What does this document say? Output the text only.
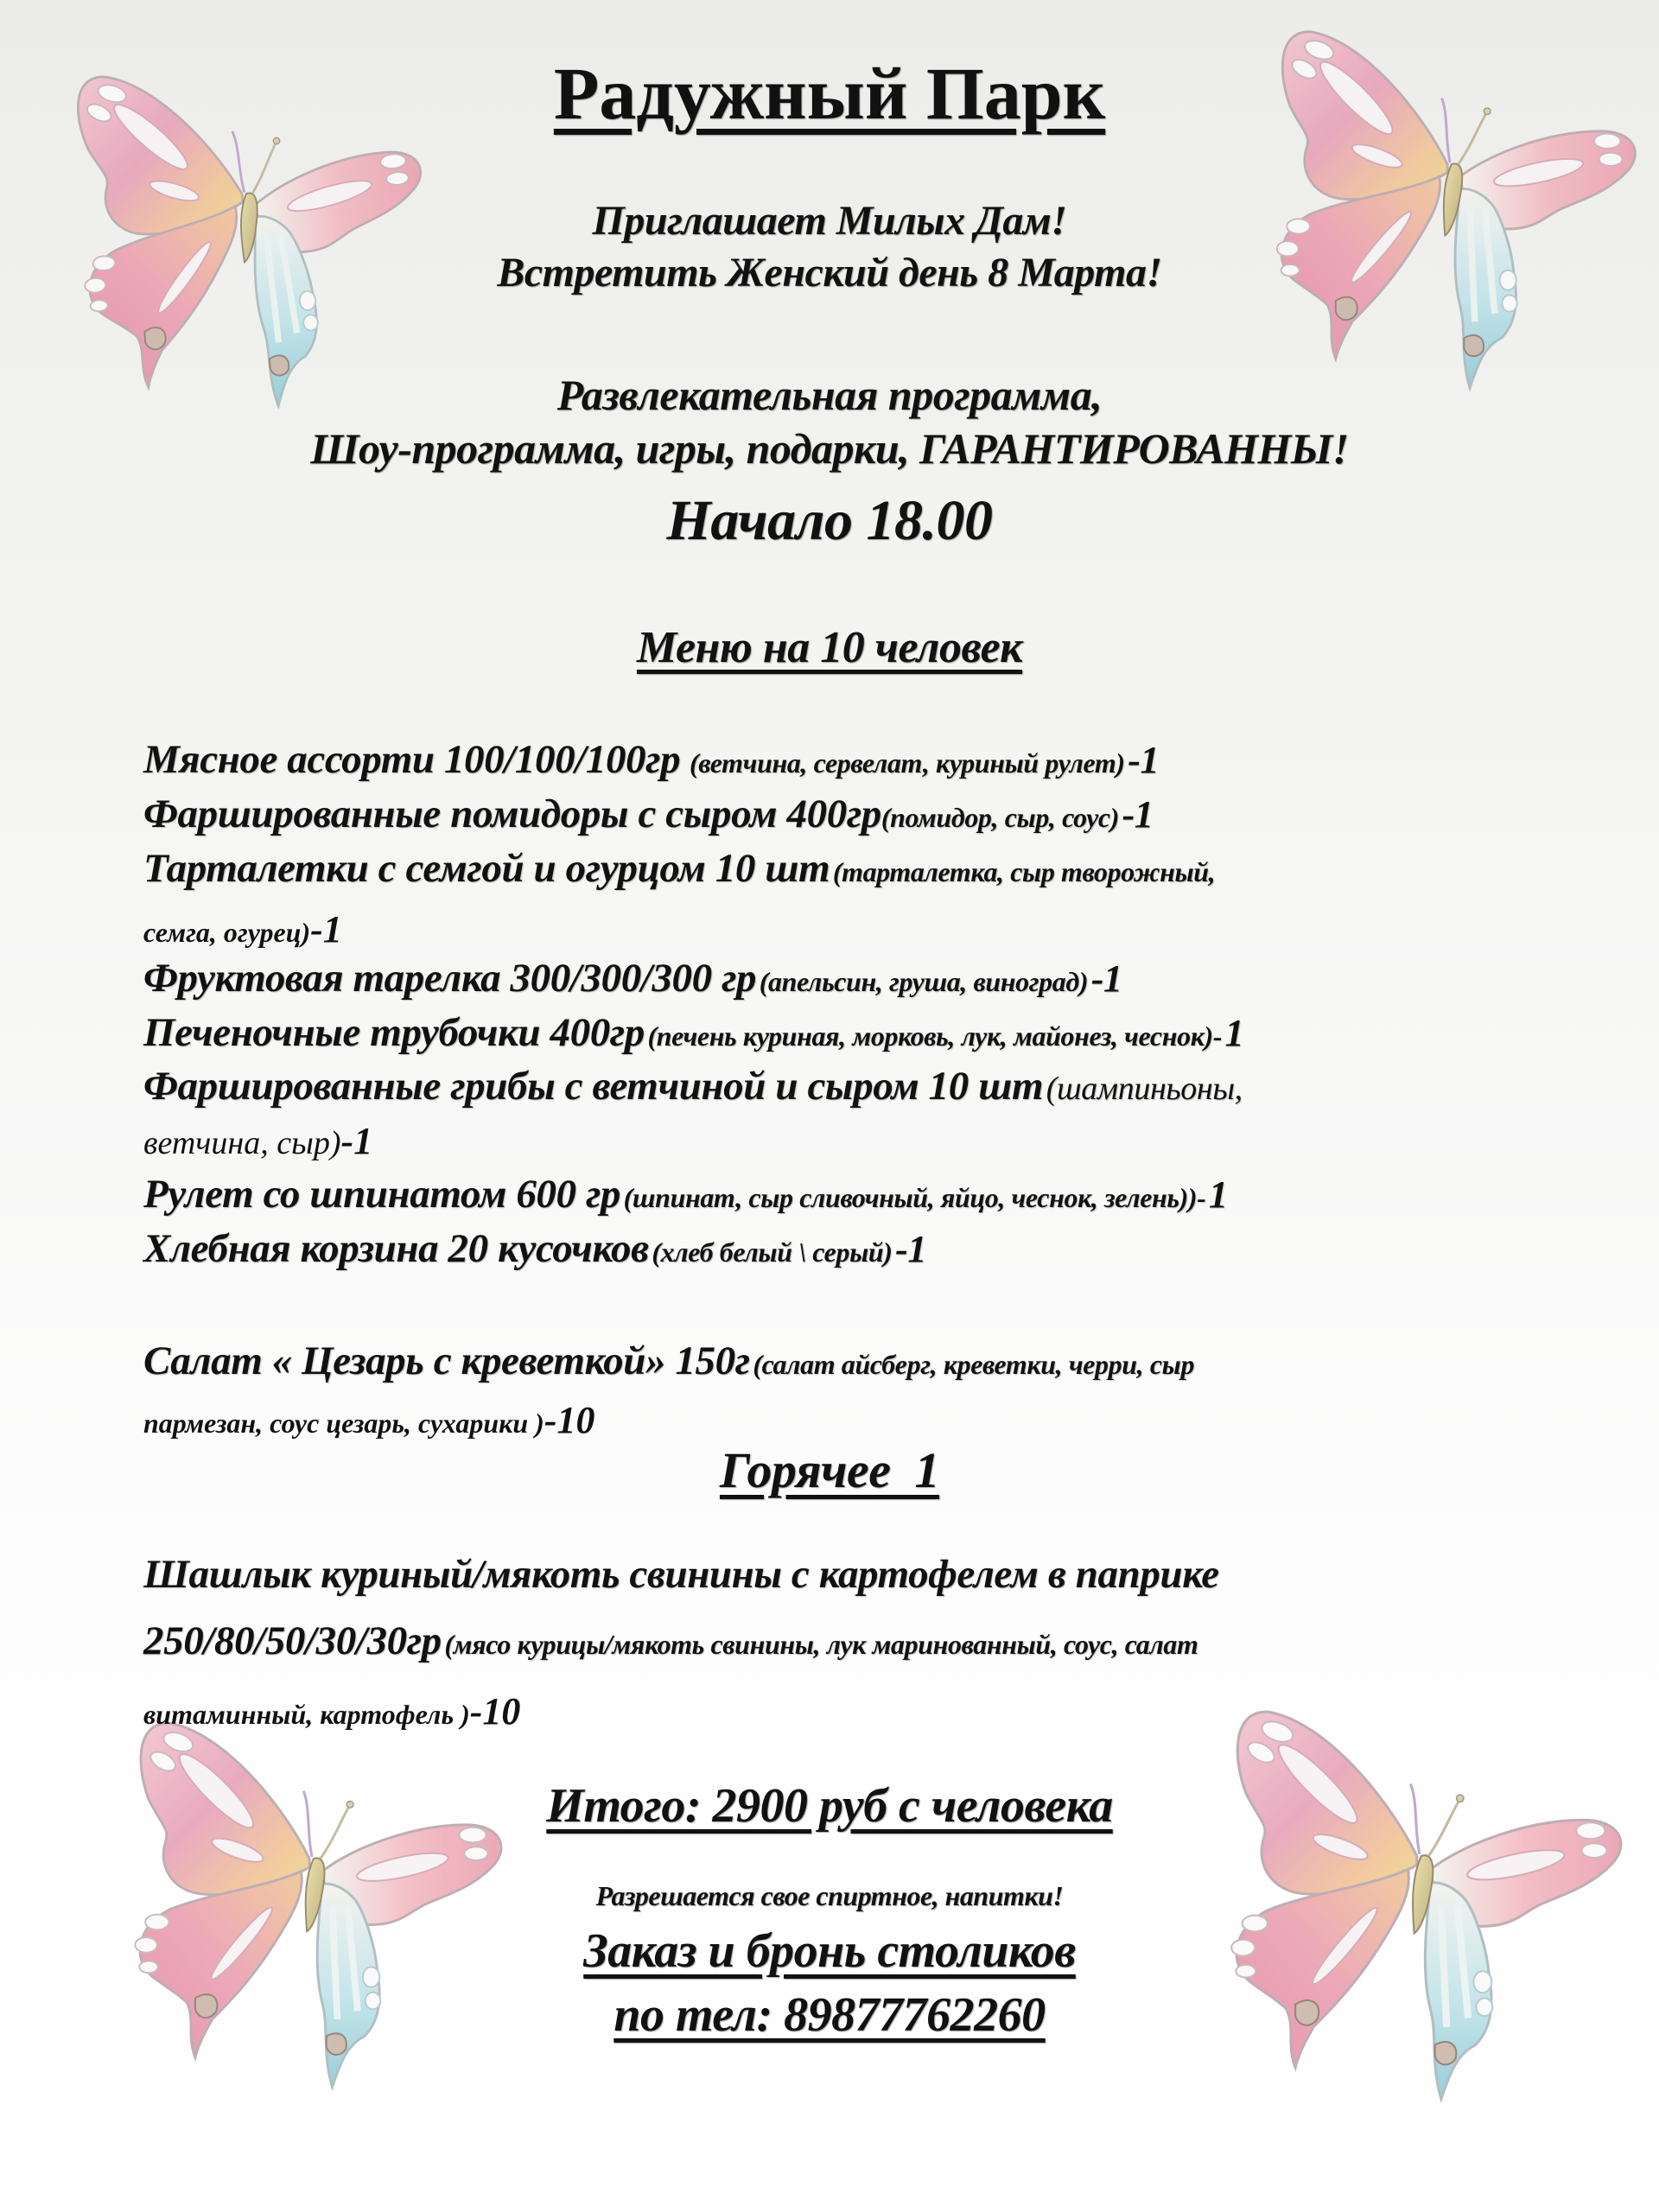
Радужный Парк
Приглашает Милых Дам!
Встретить Женский день 8 Марта!
Развлекательная программа,
Шоу-программа, игры, подарки, ГАРАНТИРОВАННЫ!
Начало 18.00
Меню на 10 человек
Мясное ассорти 100/100/100гр (ветчина, сервелат, куриный рулет) -1
Фаршированные помидоры с сыром 400гр(помидор, сыр, соус) -1
Тарталетки с семгой и огурцом 10 шт (тарталетка, сыр творожный,
семга, огурец)-1
Фруктовая тарелка 300/300/300 гр (апельсин, груша, виноград) -1
Печеночные трубочки 400гр (печень куриная, морковь, лук, майонез, чеснок)- 1
Фаршированные грибы с ветчиной и сыром 10 шт (шампиньоны,
ветчина, сыр)-1
Рулет со шпинатом 600 гр (шпинат, сыр сливочный, яйцо, чеснок, зелень))- 1
Хлебная корзина 20 кусочков (хлеб белый \ серый) -1
Салат « Цезарь с креветкой» 150г (салат айсберг, креветки, черри, сыр
пармезан, соус цезарь, сухарики )-10
Горячее  1
Шашлык куриный/мякоть свинины с картофелем в паприке
250/80/50/30/30гр (мясо курицы/мякоть свинины, лук маринованный, соус, салат
витаминный, картофель )-10
Итого: 2900 руб с человека
Разрешается свое спиртное, напитки!
Заказ и бронь столиков
по тел: 89877762260
